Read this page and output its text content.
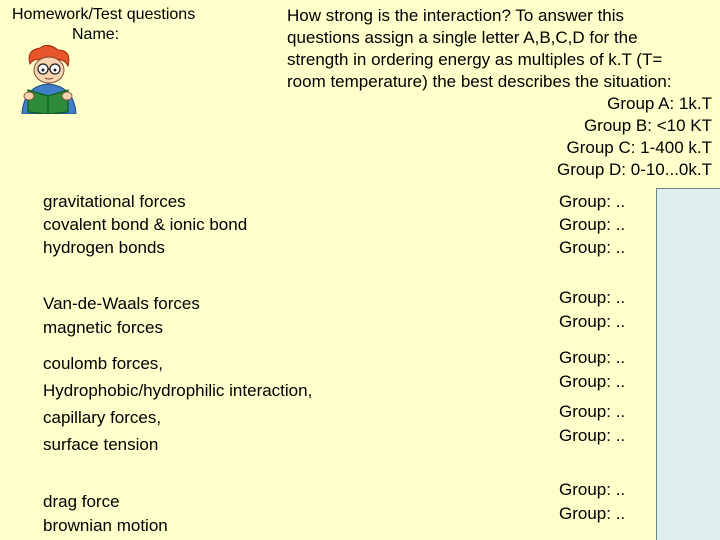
Homework/Test questions
Name:
How strong is the interaction? To answer this
questions assign a single letter A,B,C,D for the
strength in ordering energy as multiples of k.T (T=
room temperature) the best describes the situation:
Group A: 1k.T
Group B: <10 KT
Group C: 1-400 k.T
Group D: 0-10...0k.T
gravitational forces
covalent bond & ionic bond
hydrogen bonds
Group: ..
Group: ..
Group: ..
Van-de-Waals forces
magnetic forces
Group: ..
Group: ..
coulomb forces,
Hydrophobic/hydrophilic interaction,
capillary forces,
surface tension
Group: ..
Group: ..
Group: ..
Group: ..
drag force
brownian motion
Group: ..
Group: ..
